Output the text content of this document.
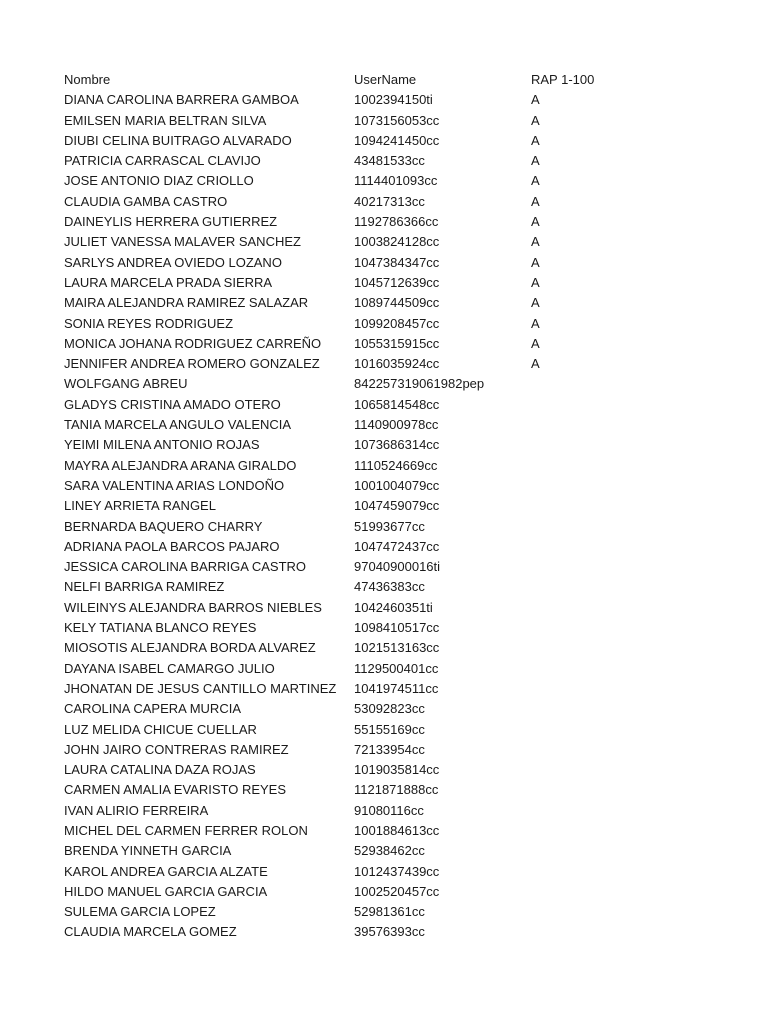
Nombre	UserName	RAP 1-100
DIANA CAROLINA BARRERA GAMBOA	1002394150ti	A
EMILSEN MARIA BELTRAN SILVA	1073156053cc	A
DIUBI CELINA BUITRAGO ALVARADO	1094241450cc	A
PATRICIA CARRASCAL CLAVIJO	43481533cc	A
JOSE ANTONIO DIAZ CRIOLLO	1114401093cc	A
CLAUDIA GAMBA CASTRO	40217313cc	A
DAINEYLIS HERRERA GUTIERREZ	1192786366cc	A
JULIET VANESSA MALAVER SANCHEZ	1003824128cc	A
SARLYS ANDREA OVIEDO LOZANO	1047384347cc	A
LAURA MARCELA PRADA SIERRA	1045712639cc	A
MAIRA ALEJANDRA RAMIREZ SALAZAR	1089744509cc	A
SONIA REYES RODRIGUEZ	1099208457cc	A
MONICA JOHANA RODRIGUEZ CARREÑO	1055315915cc	A
JENNIFER ANDREA ROMERO GONZALEZ	1016035924cc	A
WOLFGANG ABREU	842257319061982pep
GLADYS CRISTINA AMADO OTERO	1065814548cc
TANIA MARCELA ANGULO VALENCIA	1140900978cc
YEIMI MILENA ANTONIO ROJAS	1073686314cc
MAYRA ALEJANDRA ARANA GIRALDO	1110524669cc
SARA VALENTINA ARIAS LONDOÑO	1001004079cc
LINEY ARRIETA RANGEL	1047459079cc
BERNARDA BAQUERO CHARRY	51993677cc
ADRIANA PAOLA BARCOS PAJARO	1047472437cc
JESSICA CAROLINA BARRIGA CASTRO	97040900016ti
NELFI BARRIGA RAMIREZ	47436383cc
WILEINYS ALEJANDRA BARROS NIEBLES	1042460351ti
KELY TATIANA BLANCO REYES	1098410517cc
MIOSOTIS ALEJANDRA BORDA ALVAREZ	1021513163cc
DAYANA ISABEL CAMARGO JULIO	1129500401cc
JHONATAN DE JESUS CANTILLO MARTINEZ	1041974511cc
CAROLINA CAPERA MURCIA	53092823cc
LUZ MELIDA CHICUE CUELLAR	55155169cc
JOHN JAIRO CONTRERAS RAMIREZ	72133954cc
LAURA CATALINA DAZA ROJAS	1019035814cc
CARMEN AMALIA EVARISTO REYES	1121871888cc
IVAN ALIRIO FERREIRA	91080116cc
MICHEL DEL CARMEN FERRER ROLON	1001884613cc
BRENDA YINNETH GARCIA	52938462cc
KAROL ANDREA GARCIA ALZATE	1012437439cc
HILDO MANUEL GARCIA GARCIA	1002520457cc
SULEMA GARCIA LOPEZ	52981361cc
CLAUDIA MARCELA GOMEZ	39576393cc
